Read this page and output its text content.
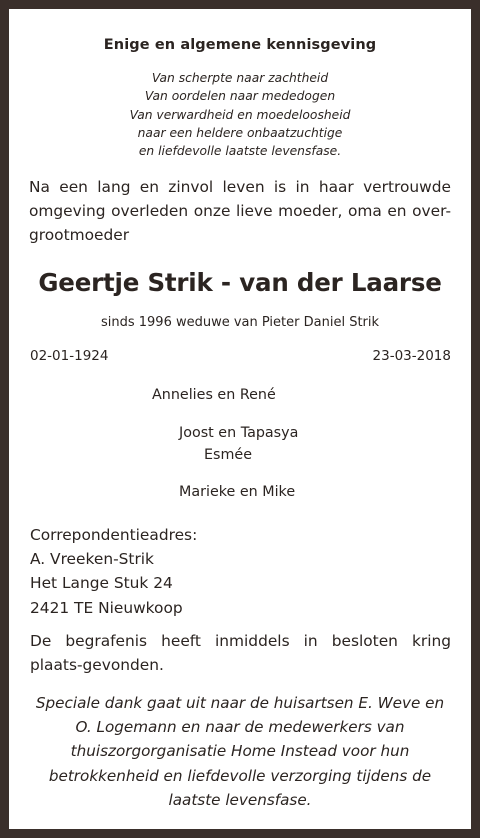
Enige en algemene kennisgeving
Van scherpte naar zachtheid
Van oordelen naar mededogen
Van verwardheid en moedeloosheid
naar een heldere onbaatzuchtige
en liefdevolle laatste levensfase.
Na een lang en zinvol leven is in haar vertrouwde omgeving overleden onze lieve moeder, oma en over-grootmoeder
Geertje Strik - van der Laarse
sinds 1996 weduwe van Pieter Daniel Strik
02-01-1924	23-03-2018
Annelies en René
Joost en Tapasya
Esmée
Marieke en Mike
Correpondentieadres:
A. Vreeken-Strik
Het Lange Stuk 24
2421 TE Nieuwkoop
De begrafenis heeft inmiddels in besloten kring plaats-gevonden.
Speciale dank gaat uit naar de huisartsen E. Weve en
O. Logemann en naar de medewerkers van
thuiszorgorganisatie Home Instead voor hun
betrokkenheid en liefdevolle verzorging tijdens de
laatste levensfase.
